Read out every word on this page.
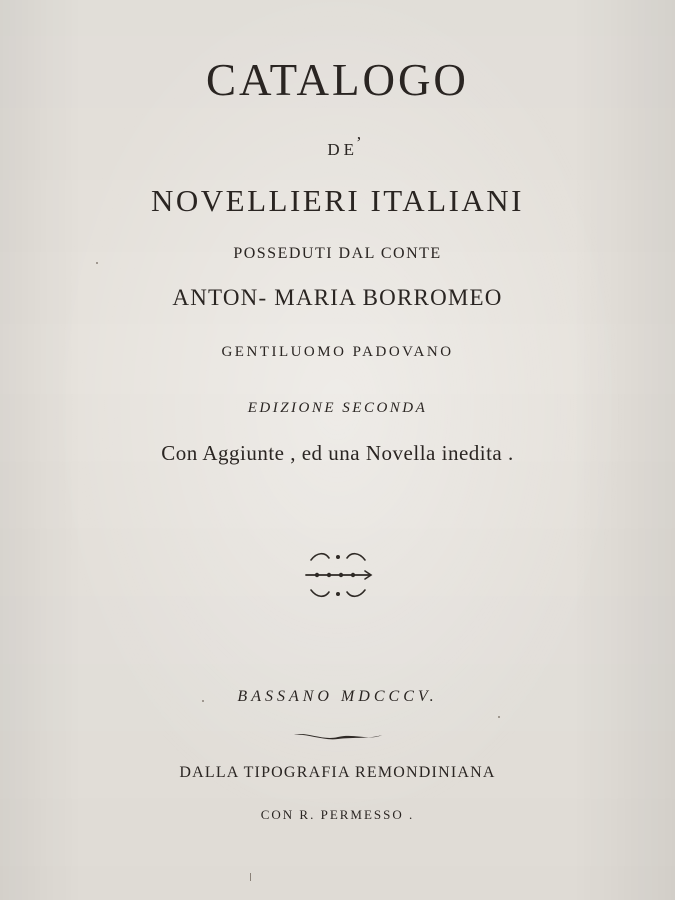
CATALOGO
DE’
NOVELLIERI ITALIANI
POSSEDUTI DAL CONTE
ANTON- MARIA BORROMEO
GENTILUOMO PADOVANO
EDIZIONE SECONDA
Con Aggiunte , ed una Novella inedita .
BASSANO MDCCCV.
DALLA TIPOGRAFIA REMONDINIANA
CON R. PERMESSO .
